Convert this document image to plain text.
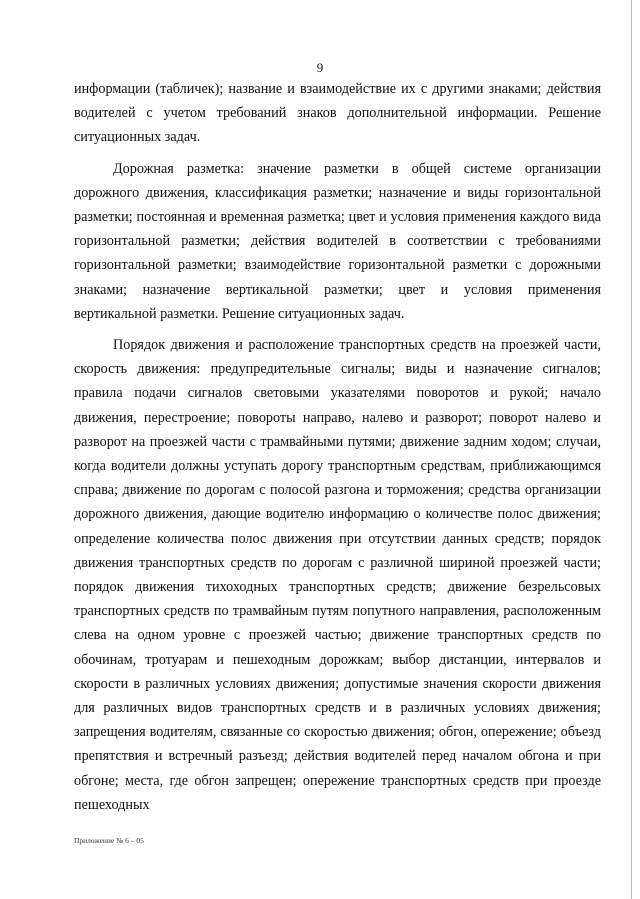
9

информации (табличек); название и взаимодействие их с другими знаками; действия водителей с учетом требований знаков дополнительной информации. Решение ситуационных задач.

Дорожная разметка: значение разметки в общей системе организации дорожного движения, классификация разметки; назначение и виды горизонтальной разметки; постоянная и временная разметка; цвет и условия применения каждого вида горизонтальной разметки; действия водителей в соответствии с требованиями горизонтальной разметки; взаимодействие горизонтальной разметки с дорожными знаками; назначение вертикальной разметки; цвет и условия применения вертикальной разметки. Решение ситуационных задач.

Порядок движения и расположение транспортных средств на проезжей части, скорость движения: предупредительные сигналы; виды и назначение сигналов; правила подачи сигналов световыми указателями поворотов и рукой; начало движения, перестроение; повороты направо, налево и разворот; поворот налево и разворот на проезжей части с трамвайными путями; движение задним ходом; случаи, когда водители должны уступать дорогу транспортным средствам, приближающимся справа; движение по дорогам с полосой разгона и торможения; средства организации дорожного движения, дающие водителю информацию о количестве полос движения; определение количества полос движения при отсутствии данных средств; порядок движения транспортных средств по дорогам с различной шириной проезжей части; порядок движения тихоходных транспортных средств; движение безрельсовых транспортных средств по трамвайным путям попутного направления, расположенным слева на одном уровне с проезжей частью; движение транспортных средств по обочинам, тротуарам и пешеходным дорожкам; выбор дистанции, интервалов и скорости в различных условиях движения; допустимые значения скорости движения для различных видов транспортных средств и в различных условиях движения; запрещения водителям, связанные со скоростью движения; обгон, опережение; объезд препятствия и встречный разъезд; действия водителей перед началом обгона и при обгоне; места, где обгон запрещен; опережение транспортных средств при проезде пешеходных

Приложение № 6 – 05
